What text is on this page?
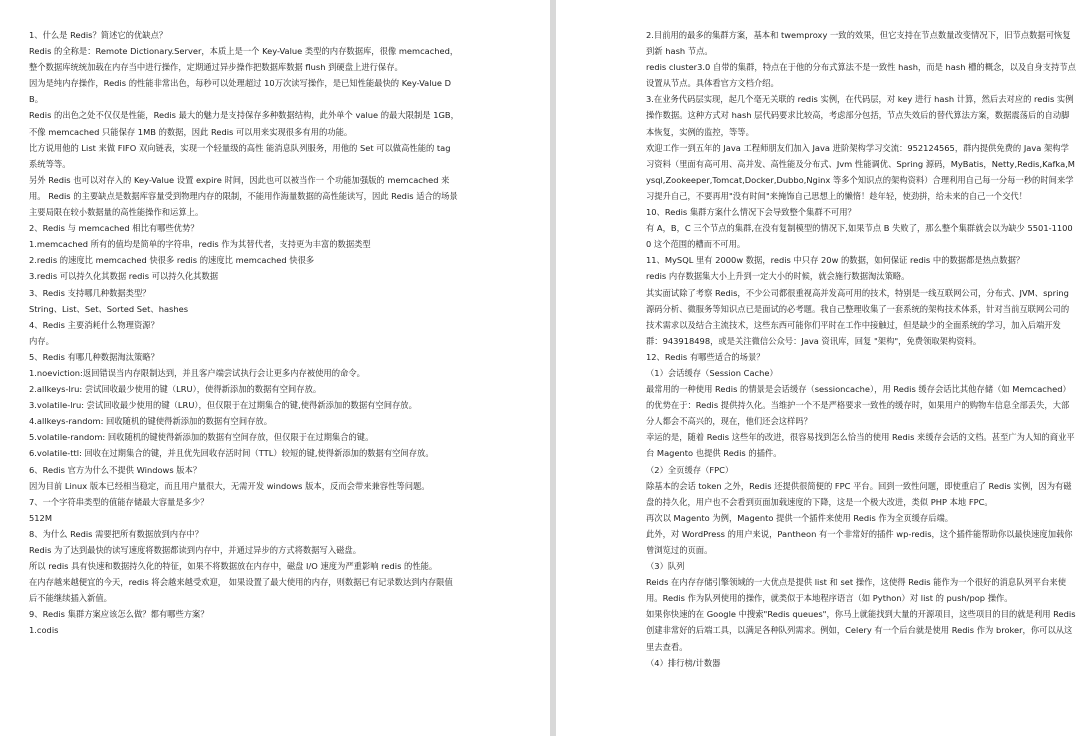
1、什么是 Redis？简述它的优缺点？

Redis 的全称是：Remote Dictionary.Server，本质上是一个 Key-Value 类型的内存数据库，很像 memcached，整个数据库统统加载在内存当中进行操作，定期通过异步操作把数据库数据 flush 到硬盘上进行保存。

因为是纯内存操作，Redis 的性能非常出色，每秒可以处理超过 10万次读写操作，是已知性能最快的 Key-Value DB。

Redis 的出色之处不仅仅是性能，Redis 最大的魅力是支持保存多种数据结构，此外单个 value 的最大限制是 1GB，不像 memcached 只能保存 1MB 的数据，因此 Redis 可以用来实现很多有用的功能。

比方说用他的 List 来做 FIFO 双向链表，实现一个轻量级的高性 能消息队列服务，用他的 Set 可以做高性能的 tag 系统等等。

另外 Redis 也可以对存入的 Key-Value 设置 expire 时间，因此也可以被当作一 个功能加强版的 memcached 来用。 Redis 的主要缺点是数据库容量受到物理内存的限制，不能用作海量数据的高性能读写，因此 Redis 适合的场景主要局限在较小数据量的高性能操作和运算上。

2、Redis 与 memcached 相比有哪些优势？

1.memcached 所有的值均是简单的字符串，redis 作为其替代者，支持更为丰富的数据类型

2.redis 的速度比 memcached 快很多 redis 的速度比 memcached 快很多

3.redis 可以持久化其数据 redis 可以持久化其数据

3、Redis 支持哪几种数据类型？

String、List、Set、Sorted Set、hashes

4、Redis 主要消耗什么物理资源？

内存。

5、Redis 有哪几种数据淘汰策略？

1.noeviction:返回错误当内存限制达到，并且客户端尝试执行会让更多内存被使用的命令。

2.allkeys-lru: 尝试回收最少使用的键（LRU），使得新添加的数据有空间存放。

3.volatile-lru: 尝试回收最少使用的键（LRU），但仅限于在过期集合的键,使得新添加的数据有空间存放。

4.allkeys-random: 回收随机的键使得新添加的数据有空间存放。

5.volatile-random: 回收随机的键使得新添加的数据有空间存放，但仅限于在过期集合的键。

6.volatile-ttl: 回收在过期集合的键，并且优先回收存活时间（TTL）较短的键,使得新添加的数据有空间存放。

6、Redis 官方为什么不提供 Windows 版本？

因为目前 Linux 版本已经相当稳定，而且用户量很大，无需开发 windows 版本，反而会带来兼容性等问题。

7、一个字符串类型的值能存储最大容量是多少？

512M

8、为什么 Redis 需要把所有数据放到内存中？

Redis 为了达到最快的读写速度将数据都读到内存中，并通过异步的方式将数据写入磁盘。

所以 redis 具有快速和数据持久化的特征，如果不将数据放在内存中，磁盘 I/O 速度为严重影响 redis 的性能。

在内存越来越便宜的今天，redis 将会越来越受欢迎， 如果设置了最大使用的内存，则数据已有记录数达到内存限值后不能继续插入新值。

9、Redis 集群方案应该怎么做？都有哪些方案？

1.codis

2.目前用的最多的集群方案，基本和 twemproxy 一致的效果，但它支持在节点数量改变情况下，旧节点数据可恢复到新 hash 节点。

redis cluster3.0 自带的集群，特点在于他的分布式算法不是一致性 hash，而是 hash 槽的概念，以及自身支持节点设置从节点。具体看官方文档介绍。

3.在业务代码层实现，起几个毫无关联的 redis 实例，在代码层，对 key 进行 hash 计算，然后去对应的 redis 实例操作数据。这种方式对 hash 层代码要求比较高，考虑部分包括，节点失效后的替代算法方案，数据震荡后的自动脚本恢复，实例的监控，等等。

欢迎工作一到五年的 Java 工程师朋友们加入 Java 进阶架构学习交流：952124565，群内提供免费的 Java 架构学习资料（里面有高可用、高并发、高性能及分布式、Jvm 性能调优、Spring 源码，MyBatis，Netty,Redis,Kafka,Mysql,Zookeeper,Tomcat,Docker,Dubbo,Nginx 等多个知识点的架构资料）合理利用自己每一分每一秒的时间来学习提升自己，不要再用"没有时间"来掩饰自己思想上的懒惰！趁年轻，使劲拼，给未来的自己一个交代！

10、Redis 集群方案什么情况下会导致整个集群不可用？

有 A，B，C 三个节点的集群,在没有复制模型的情况下,如果节点 B 失败了，那么整个集群就会以为缺少 5501-11000 这个范围的槽而不可用。

11、MySQL 里有 2000w 数据，redis 中只存 20w 的数据，如何保证 redis 中的数据都是热点数据？

redis 内存数据集大小上升到一定大小的时候，就会施行数据淘汰策略。

其实面试除了考察 Redis，不少公司都很重视高并发高可用的技术，特别是一线互联网公司，分布式、JVM、spring 源码分析、微服务等知识点已是面试的必考题。我自己整理收集了一套系统的架构技术体系，针对当前互联网公司的技术需求以及结合主流技术，这些东西可能你们平时在工作中接触过，但是缺少的全面系统的学习，加入后端开发群：943918498，或是关注微信公众号：Java 资讯库，回复 "架构"，免费领取架构资料。

12、Redis 有哪些适合的场景？

（1）会话缓存（Session Cache）

最常用的一种使用 Redis 的情景是会话缓存（sessioncache），用 Redis 缓存会话比其他存储（如 Memcached）的优势在于：Redis 提供持久化。当维护一个不是严格要求一致性的缓存时，如果用户的购物车信息全部丢失，大部分人都会不高兴的，现在，他们还会这样吗？

幸运的是，随着 Redis 这些年的改进，很容易找到怎么恰当的使用 Redis 来缓存会话的文档。甚至广为人知的商业平台 Magento 也提供 Redis 的插件。

（2）全页缓存（FPC）

除基本的会话 token 之外，Redis 还提供很简便的 FPC 平台。回到一致性问题，即使重启了 Redis 实例，因为有磁盘的持久化，用户也不会看到页面加载速度的下降，这是一个极大改进，类似 PHP 本地 FPC。

再次以 Magento 为例，Magento 提供一个插件来使用 Redis 作为全页缓存后端。

此外，对 WordPress 的用户来说，Pantheon 有一个非常好的插件 wp-redis，这个插件能帮助你以最快速度加载你曾浏览过的页面。

（3）队列

Reids 在内存存储引擎领域的一大优点是提供 list 和 set 操作，这使得 Redis 能作为一个很好的消息队列平台来使用。Redis 作为队列使用的操作，就类似于本地程序语言（如 Python）对 list 的 push/pop 操作。

如果你快速的在 Google 中搜索"Redis queues"，你马上就能找到大量的开源项目，这些项目的目的就是利用 Redis 创建非常好的后端工具，以满足各种队列需求。例如，Celery 有一个后台就是使用 Redis 作为 broker，你可以从这里去查看。

（4）排行榜/计数器
